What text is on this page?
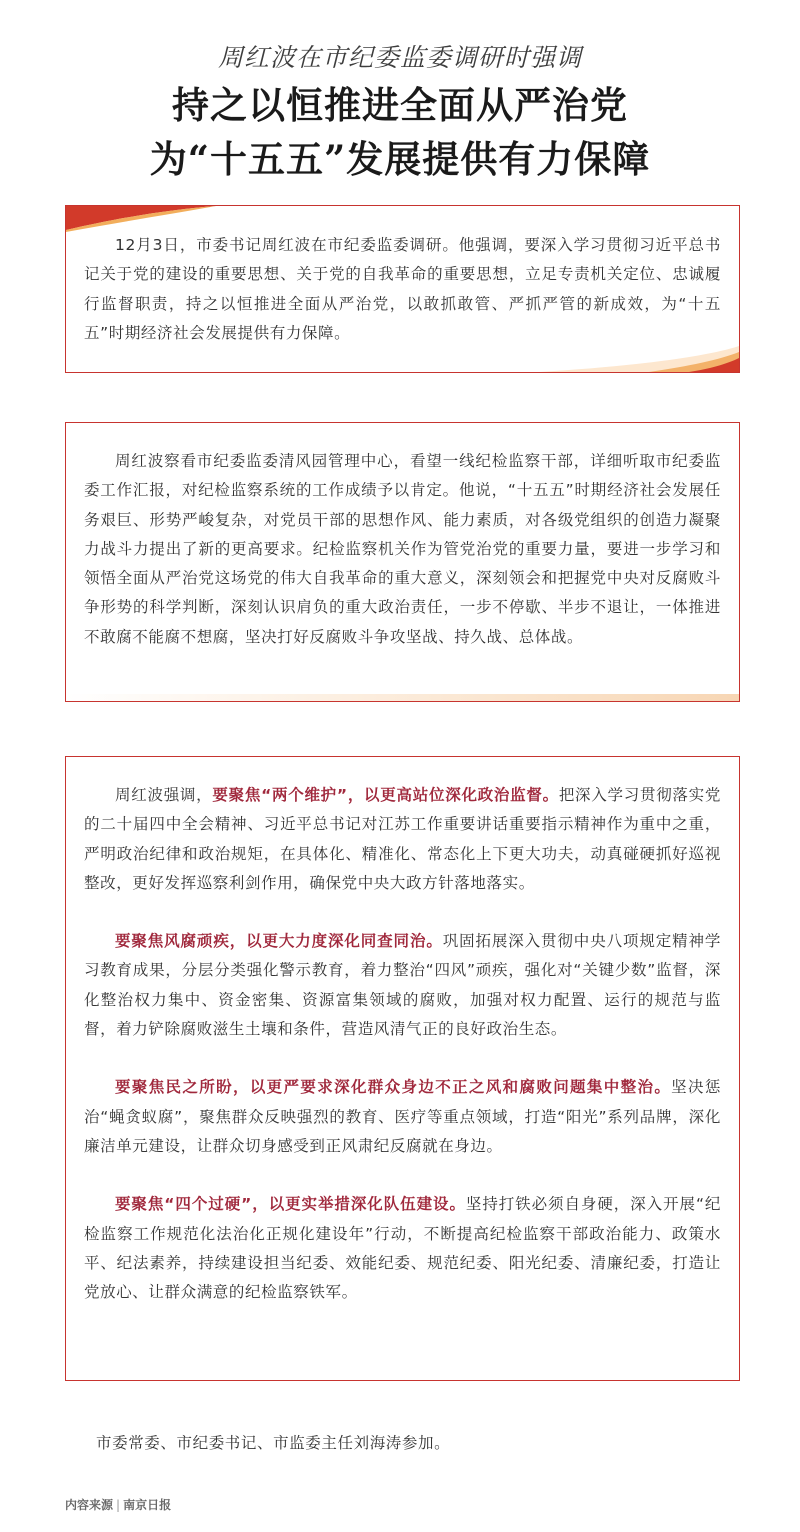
周红波在市纪委监委调研时强调
持之以恒推进全面从严治党
为“十五五”发展提供有力保障

12月3日，市委书记周红波在市纪委监委调研。他强调，要深入学习贯彻习近平总书记关于党的建设的重要思想、关于党的自我革命的重要思想，立足专责机关定位、忠诚履行监督职责，持之以恒推进全面从严治党，以敢抓敢管、严抓严管的新成效，为“十五五”时期经济社会发展提供有力保障。

周红波察看市纪委监委清风园管理中心，看望一线纪检监察干部，详细听取市纪委监委工作汇报，对纪检监察系统的工作成绩予以肯定。他说，“十五五”时期经济社会发展任务艰巨、形势严峻复杂，对党员干部的思想作风、能力素质，对各级党组织的创造力凝聚力战斗力提出了新的更高要求。纪检监察机关作为管党治党的重要力量，要进一步学习和领悟全面从严治党这场党的伟大自我革命的重大意义，深刻领会和把握党中央对反腐败斗争形势的科学判断，深刻认识肩负的重大政治责任，一步不停歇、半步不退让，一体推进不敢腐不能腐不想腐，坚决打好反腐败斗争攻坚战、持久战、总体战。

周红波强调，要聚焦“两个维护”，以更高站位深化政治监督。把深入学习贯彻落实党的二十届四中全会精神、习近平总书记对江苏工作重要讲话重要指示精神作为重中之重，严明政治纪律和政治规矩，在具体化、精准化、常态化上下更大功夫，动真碰硬抓好巡视整改，更好发挥巡察利剑作用，确保党中央大政方针落地落实。

要聚焦风腐顽疾，以更大力度深化同查同治。巩固拓展深入贯彻中央八项规定精神学习教育成果，分层分类强化警示教育，着力整治“四风”顽疾，强化对“关键少数”监督，深化整治权力集中、资金密集、资源富集领域的腐败，加强对权力配置、运行的规范与监督，着力铲除腐败滋生土壤和条件，营造风清气正的良好政治生态。

要聚焦民之所盼，以更严要求深化群众身边不正之风和腐败问题集中整治。坚决惩治“蝇贪蚁腐”，聚焦群众反映强烈的教育、医疗等重点领域，打造“阳光”系列品牌，深化廉洁单元建设，让群众切身感受到正风肃纪反腐就在身边。

要聚焦“四个过硬”，以更实举措深化队伍建设。坚持打铁必须自身硬，深入开展“纪检监察工作规范化法治化正规化建设年”行动，不断提高纪检监察干部政治能力、政策水平、纪法素养，持续建设担当纪委、效能纪委、规范纪委、阳光纪委、清廉纪委，打造让党放心、让群众满意的纪检监察铁军。

市委常委、市纪委书记、市监委主任刘海涛参加。

内容来源 | 南京日报
